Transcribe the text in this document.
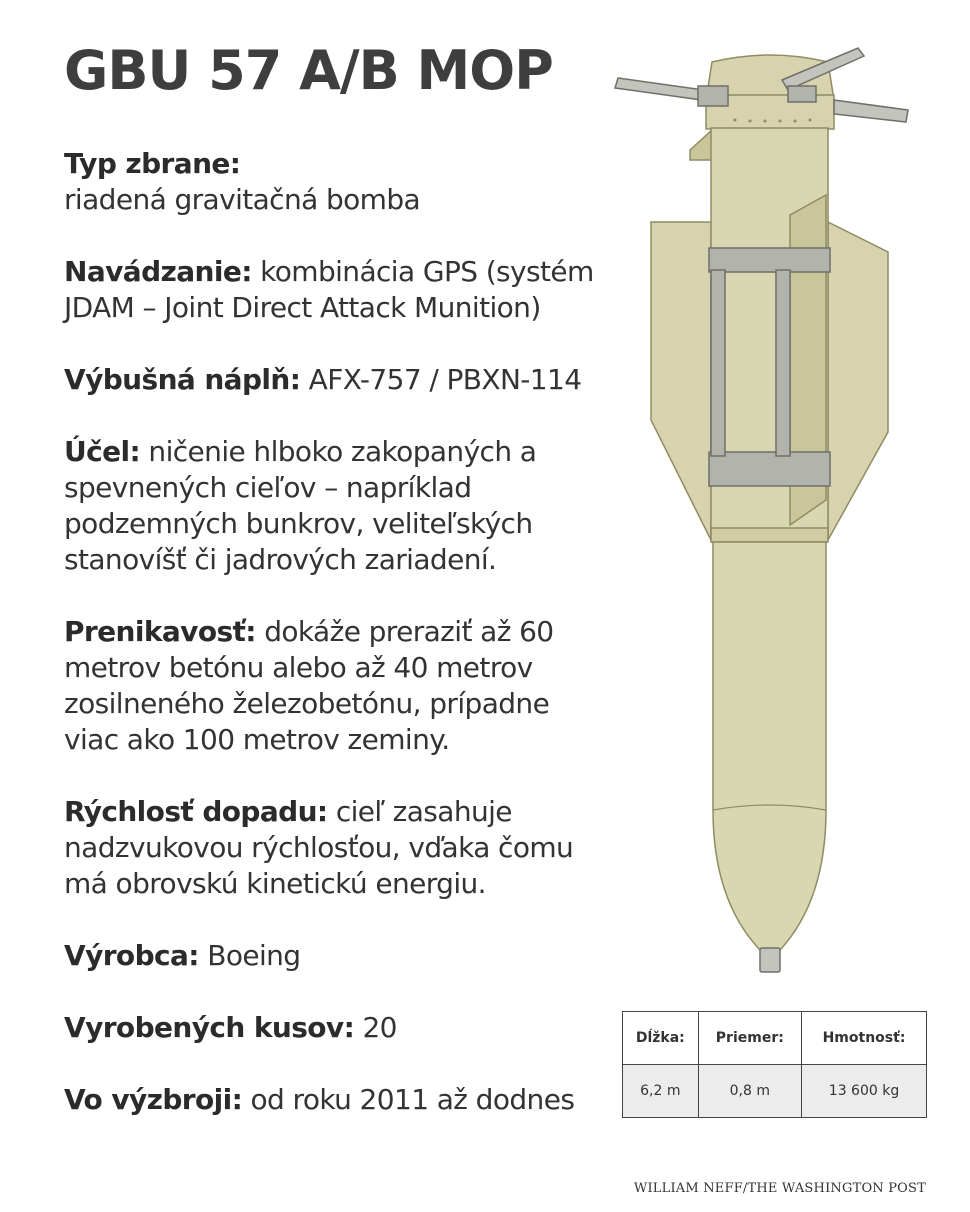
GBU 57 A/B MOP

Typ zbrane:
riadená gravitačná bomba

Navádzanie: kombinácia GPS (systém JDAM – Joint Direct Attack Munition)

Výbušná náplň: AFX-757 / PBXN-114

Účel: ničenie hlboko zakopaných a spevnených cieľov – napríklad podzemných bunkrov, veliteľských stanovíšť či jadrových zariadení.

Prenikavosť: dokáže preraziť až 60 metrov betónu alebo až 40 metrov zosilneného železobetónu, prípadne viac ako 100 metrov zeminy.

Rýchlosť dopadu: cieľ zasahuje nadzvukovou rýchlosťou, vďaka čomu má obrovskú kinetickú energiu.

Výrobca: Boeing

Vyrobených kusov: 20

Vo výzbroji: od roku 2011 až dodnes

Dĺžka:	Priemer:	Hmotnosť:
6,2 m	0,8 m	13 600 kg
WILLIAM NEFF/THE WASHINGTON POST
